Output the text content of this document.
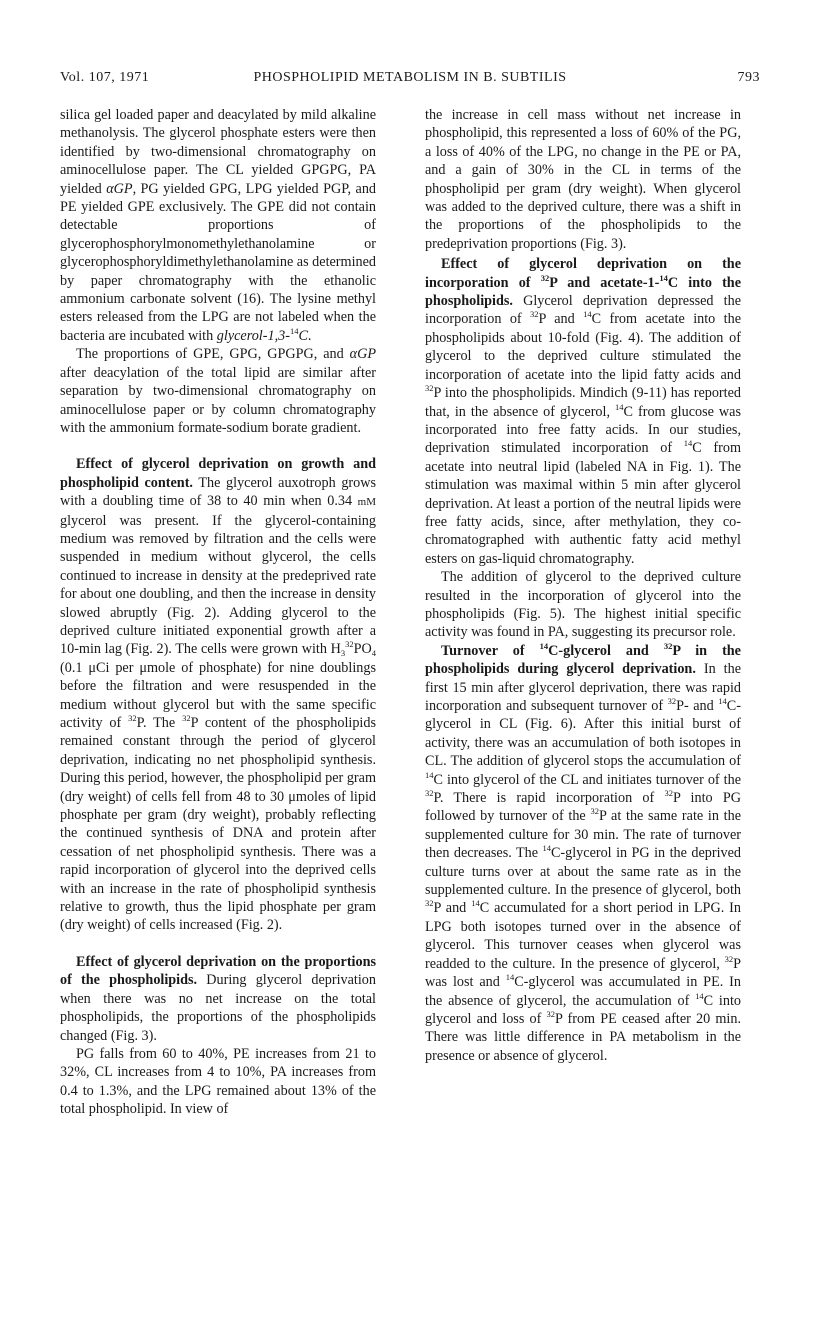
Vol. 107, 1971	PHOSPHOLIPID METABOLISM IN B. SUBTILIS	793

silica gel loaded paper and deacylated by mild alkaline methanolysis. The glycerol phosphate esters were then identified by two-dimensional chromatography on aminocellulose paper. The CL yielded GPGPG, PA yielded αGP, PG yielded GPG, LPG yielded PGP, and PE yielded GPE exclusively. The GPE did not contain detectable proportions of glycerophosphorylmonomethylethanolamine or glycerophosphoryldimethylethanolamine as determined by paper chromatography with the ethanolic ammonium carbonate solvent (16). The lysine methyl esters released from the LPG are not labeled when the bacteria are incubated with glycerol-1,3-$^{14}$C.

The proportions of GPE, GPG, GPGPG, and αGP after deacylation of the total lipid are similar after separation by two-dimensional chromatography on aminocellulose paper or by column chromatography with the ammonium formate-sodium borate gradient.

Effect of glycerol deprivation on growth and phospholipid content. The glycerol auxotroph grows with a doubling time of 38 to 40 min when 0.34 mM glycerol was present. If the glycerol-containing medium was removed by filtration and the cells were suspended in medium without glycerol, the cells continued to increase in density at the predeprived rate for about one doubling, and then the increase in density slowed abruptly (Fig. 2). Adding glycerol to the deprived culture initiated exponential growth after a 10-min lag (Fig. 2). The cells were grown with $H_3^{32}PO_4$ (0.1 μCi per μmole of phosphate) for nine doublings before the filtration and were resuspended in the medium without glycerol but with the same specific activity of $^{32}$P. The $^{32}$P content of the phospholipids remained constant through the period of glycerol deprivation, indicating no net phospholipid synthesis. During this period, however, the phospholipid per gram (dry weight) of cells fell from 48 to 30 μmoles of lipid phosphate per gram (dry weight), probably reflecting the continued synthesis of DNA and protein after cessation of net phospholipid synthesis. There was a rapid incorporation of glycerol into the deprived cells with an increase in the rate of phospholipid synthesis relative to growth, thus the lipid phosphate per gram (dry weight) of cells increased (Fig. 2).

Effect of glycerol deprivation on the proportions of the phospholipids. During glycerol deprivation when there was no net increase on the total phospholipids, the proportions of the phospholipids changed (Fig. 3).

PG falls from 60 to 40%, PE increases from 21 to 32%, CL increases from 4 to 10%, PA increases from 0.4 to 1.3%, and the LPG remained about 13% of the total phospholipid. In view of

the increase in cell mass without net increase in phospholipid, this represented a loss of 60% of the PG, a loss of 40% of the LPG, no change in the PE or PA, and a gain of 30% in the CL in terms of the phospholipid per gram (dry weight). When glycerol was added to the deprived culture, there was a shift in the proportions of the phospholipids to the predeprivation proportions (Fig. 3).

Effect of glycerol deprivation on the incorporation of $^{32}$P and acetate-1-$^{14}$C into the phospholipids. Glycerol deprivation depressed the incorporation of $^{32}$P and $^{14}$C from acetate into the phospholipids about 10-fold (Fig. 4). The addition of glycerol to the deprived culture stimulated the incorporation of acetate into the lipid fatty acids and $^{32}$P into the phospholipids. Mindich (9-11) has reported that, in the absence of glycerol, $^{14}$C from glucose was incorporated into free fatty acids. In our studies, deprivation stimulated incorporation of $^{14}$C from acetate into neutral lipid (labeled NA in Fig. 1). The stimulation was maximal within 5 min after glycerol deprivation. At least a portion of the neutral lipids were free fatty acids, since, after methylation, they co-chromatographed with authentic fatty acid methyl esters on gas-liquid chromatography.

The addition of glycerol to the deprived culture resulted in the incorporation of glycerol into the phospholipids (Fig. 5). The highest initial specific activity was found in PA, suggesting its precursor role.

Turnover of $^{14}$C-glycerol and $^{32}$P in the phospholipids during glycerol deprivation. In the first 15 min after glycerol deprivation, there was rapid incorporation and subsequent turnover of $^{32}$P- and $^{14}$C-glycerol in CL (Fig. 6). After this initial burst of activity, there was an accumulation of both isotopes in CL. The addition of glycerol stops the accumulation of $^{14}$C into glycerol of the CL and initiates turnover of the $^{32}$P. There is rapid incorporation of $^{32}$P into PG followed by turnover of the $^{32}$P at the same rate in the supplemented culture for 30 min. The rate of turnover then decreases. The $^{14}$C-glycerol in PG in the deprived culture turns over at about the same rate as in the supplemented culture. In the presence of glycerol, both $^{32}$P and $^{14}$C accumulated for a short period in LPG. In LPG both isotopes turned over in the absence of glycerol. This turnover ceases when glycerol was readded to the culture. In the presence of glycerol, $^{32}$P was lost and $^{14}$C-glycerol was accumulated in PE. In the absence of glycerol, the accumulation of $^{14}$C into glycerol and loss of $^{32}$P from PE ceased after 20 min. There was little difference in PA metabolism in the presence or absence of glycerol.
